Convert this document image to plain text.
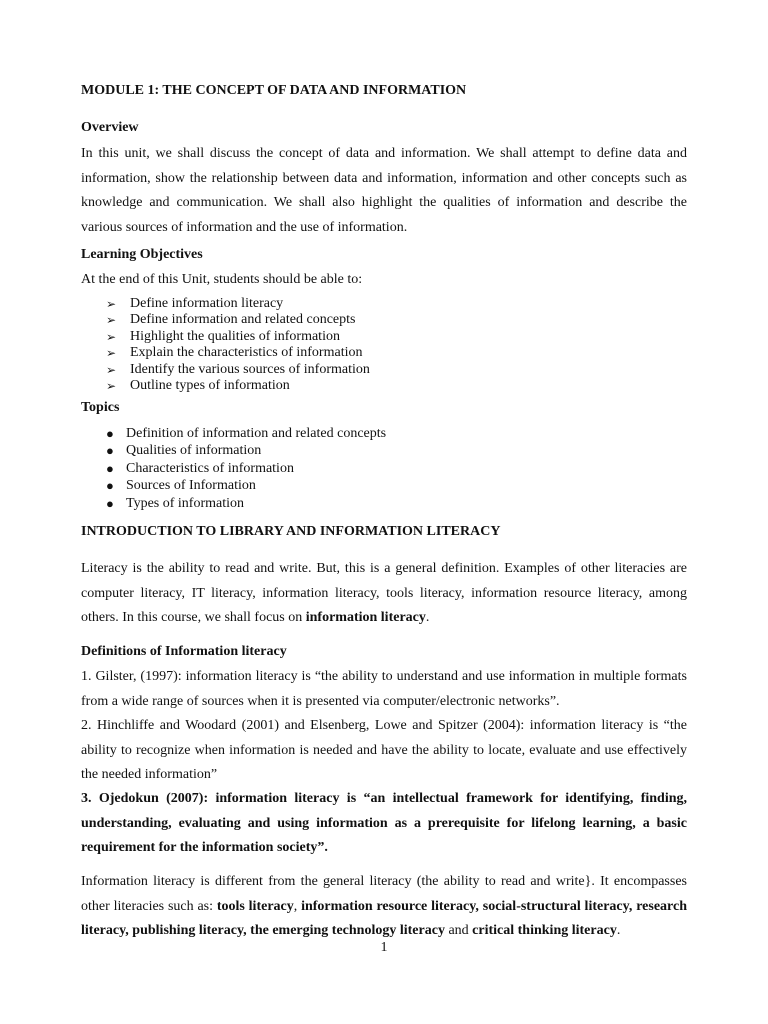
MODULE 1: THE CONCEPT OF DATA AND INFORMATION
Overview

In this unit, we shall discuss the concept of data and information. We shall attempt to define data and information, show the relationship between data and information, information and other concepts such as knowledge and communication. We shall also highlight the qualities of information and describe the various sources of information and the use of information.

Learning Objectives
At the end of this Unit, students should be able to:
➢ Define information literacy
➢ Define information and related concepts
➢ Highlight the qualities of information
➢ Explain the characteristics of information
➢ Identify the various sources of information
➢ Outline types of information
Topics
● Definition of information and related concepts
● Qualities of information
● Characteristics of information
● Sources of Information
● Types of information
INTRODUCTION TO LIBRARY AND INFORMATION LITERACY

Literacy is the ability to read and write. But, this is a general definition. Examples of other literacies are computer literacy, IT literacy, information literacy, tools literacy, information resource literacy, among others. In this course, we shall focus on information literacy.

Definitions of Information literacy

1. Gilster, (1997): information literacy is “the ability to understand and use information in multiple formats from a wide range of sources when it is presented via computer/electronic networks”.

2. Hinchliffe and Woodard (2001) and Elsenberg, Lowe and Spitzer (2004): information literacy is “the ability to recognize when information is needed and have the ability to locate, evaluate and use effectively the needed information”

3. Ojedokun (2007): information literacy is “an intellectual framework for identifying, finding, understanding, evaluating and using information as a prerequisite for lifelong learning, a basic requirement for the information society”.

Information literacy is different from the general literacy (the ability to read and write}. It encompasses other literacies such as: tools literacy, information resource literacy, social-structural literacy, research literacy, publishing literacy, the emerging technology literacy and critical thinking literacy.

1
